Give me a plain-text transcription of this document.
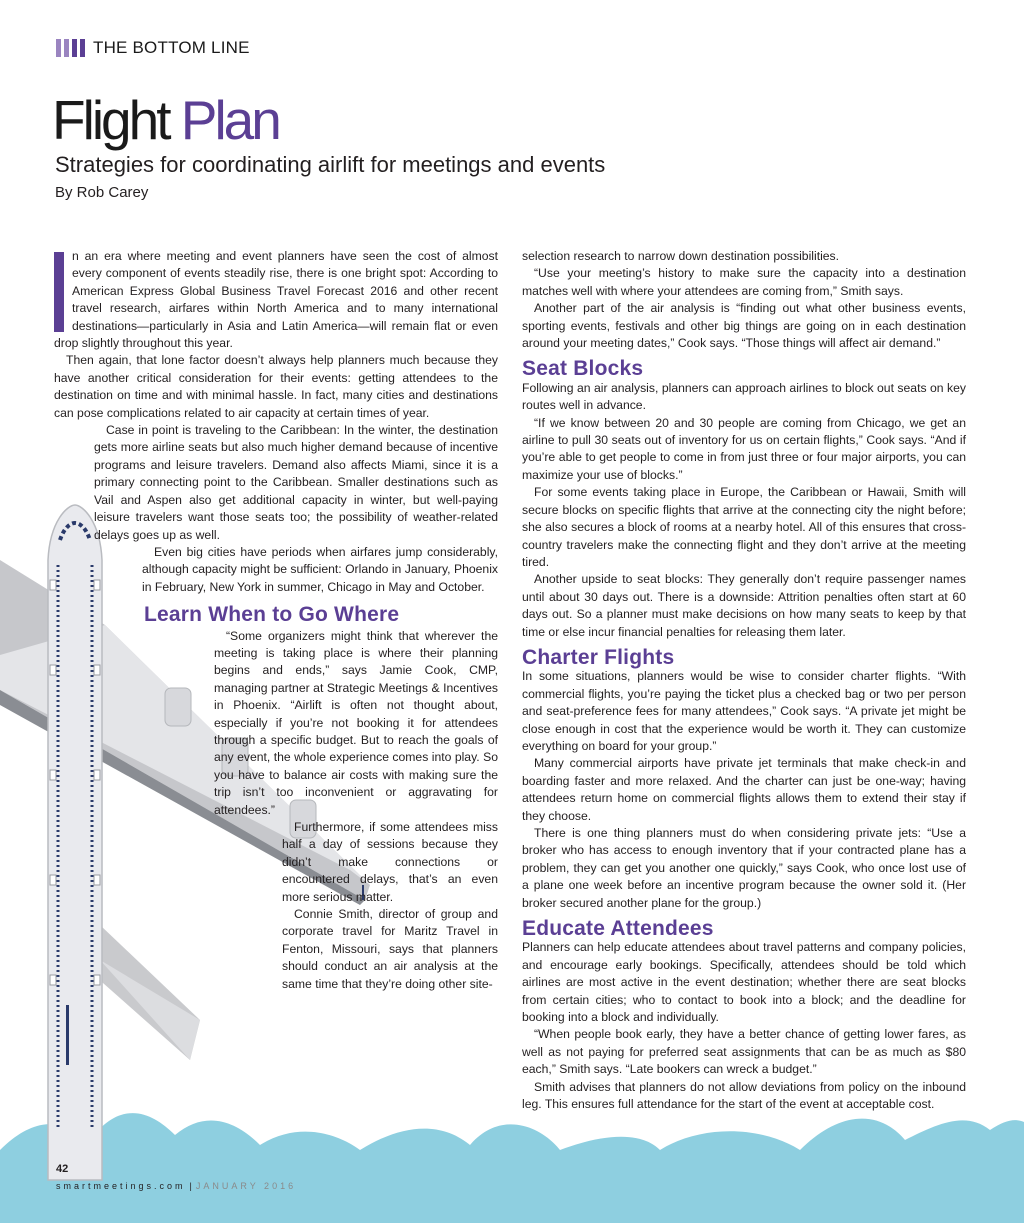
THE BOTTOM LINE
Flight Plan
Strategies for coordinating airlift for meetings and events
By Rob Carey

n an era where meeting and event planners have seen the cost of almost every component of events steadily rise, there is one bright spot: According to American Express Global Business Travel Forecast 2016 and other recent travel research, airfares within North America and to many international destinations—particularly in Asia and Latin America—will remain flat or even drop slightly throughout this year.

Then again, that lone factor doesn’t always help planners much because they have another critical consideration for their events: getting attendees to the destination on time and with minimal hassle. In fact, many cities and destinations can pose complications related to air capacity at certain times of year.

Case in point is traveling to the Caribbean: In the winter, the destination gets more airline seats but also much higher demand because of incentive programs and leisure travelers. Demand also affects Miami, since it is a primary connecting point to the Caribbean. Smaller destinations such as Vail and Aspen also get additional capacity in winter, but well-paying leisure travelers want those seats too; the possibility of weather-related delays goes up as well.

Even big cities have periods when airfares jump considerably, although capacity might be sufficient: Orlando in January, Phoenix in February, New York in summer, Chicago in May and October.

Learn When to Go Where

“Some organizers might think that wherever the meeting is taking place is where their planning begins and ends,” says Jamie Cook, CMP, managing partner at Strategic Meetings & Incentives in Phoenix. “Airlift is often not thought about, especially if you’re not booking it for attendees through a specific budget. But to reach the goals of any event, the whole experience comes into play. So you have to balance air costs with making sure the trip isn’t too inconvenient or aggravating for attendees.”

Furthermore, if some attendees miss half a day of sessions because they didn’t make connections or encountered delays, that’s an even more serious matter.

Connie Smith, director of group and corporate travel for Maritz Travel in Fenton, Missouri, says that planners should conduct an air analysis at the same time that they’re doing other site-

selection research to narrow down destination possibilities.

“Use your meeting’s history to make sure the capacity into a destination matches well with where your attendees are coming from,” Smith says.

Another part of the air analysis is “finding out what other business events, sporting events, festivals and other big things are going on in each destination around your meeting dates,” Cook says. “Those things will affect air demand.”

Seat Blocks

Following an air analysis, planners can approach airlines to block out seats on key routes well in advance.

“If we know between 20 and 30 people are coming from Chicago, we get an airline to pull 30 seats out of inventory for us on certain flights,” Cook says. “And if you’re able to get people to come in from just three or four major airports, you can maximize your use of blocks.”

For some events taking place in Europe, the Caribbean or Hawaii, Smith will secure blocks on specific flights that arrive at the connecting city the night before; she also secures a block of rooms at a nearby hotel. All of this ensures that cross-country travelers make the connecting flight and they don’t arrive at the meeting tired.

Another upside to seat blocks: They generally don’t require passenger names until about 30 days out. There is a downside: Attrition penalties often start at 60 days out. So a planner must make decisions on how many seats to keep by that time or else incur financial penalties for releasing them later.

Charter Flights

In some situations, planners would be wise to consider charter flights. “With commercial flights, you’re paying the ticket plus a checked bag or two per person and seat-preference fees for many attendees,” Cook says. “A private jet might be close enough in cost that the experience would be worth it. They can customize everything on board for your group.”

Many commercial airports have private jet terminals that make check-in and boarding faster and more relaxed. And the charter can just be one-way; having attendees return home on commercial flights allows them to extend their stay if they choose.

There is one thing planners must do when considering private jets: “Use a broker who has access to enough inventory that if your contracted plane has a problem, they can get you another one quickly,” says Cook, who once lost use of a plane one week before an incentive program because the owner sold it. (Her broker secured another plane for the group.)

Educate Attendees

Planners can help educate attendees about travel patterns and company policies, and encourage early bookings. Specifically, attendees should be told which airlines are most active in the event destination; whether there are seat blocks from certain cities; who to contact to book into a block; and the deadline for booking into a block and individually.

“When people book early, they have a better chance of getting lower fares, as well as not paying for preferred seat assignments that can be as much as $80 each,” Smith says. “Late bookers can wreck a budget.”

Smith advises that planners do not allow deviations from policy on the inbound leg. This ensures full attendance for the start of the event at acceptable cost.

42
smartmeetings.com | JANUARY 2016
